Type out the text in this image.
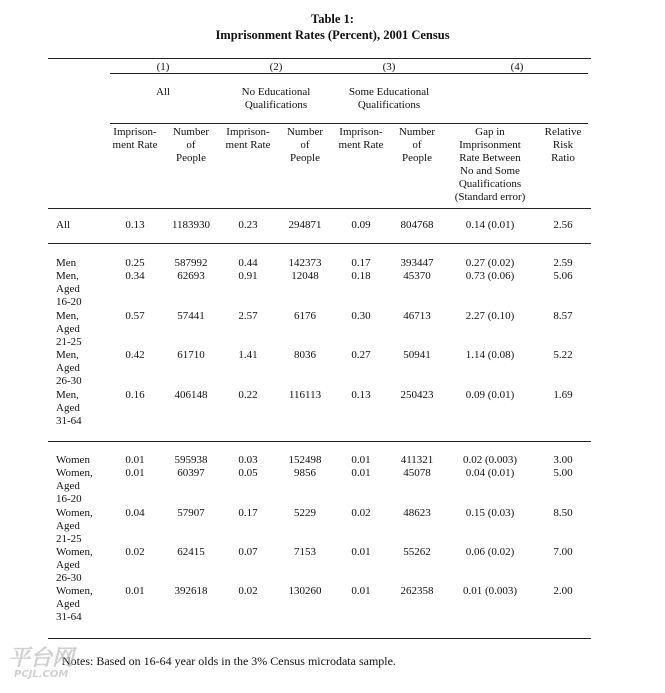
Table 1:
Imprisonment Rates (Percent), 2001 Census
(1)	(2)	(3)	(4)
All	No Educational
Qualifications
Some Educational
Qualifications
Imprison-
ment Rate
Number
of
People
Imprison-
ment Rate
Number
of
People
Imprison-
ment Rate
Number
of
People
Gap in
Imprisonment
Rate Between
No and Some
Qualifications
(Standard error)
Relative
Risk
Ratio
All	0.13	1183930	0.23	294871	0.09	804768	0.14 (0.01)	2.56
Men	0.25	587992	0.44	142373	0.17	393447	0.27 (0.02)	2.59
Men,
Aged
16-20
0.34	62693	0.91	12048	0.18	45370	0.73 (0.06)	5.06
Men,
Aged
21-25
0.57	57441	2.57	6176	0.30	46713	2.27 (0.10)	8.57
Men,
Aged
26-30
0.42	61710	1.41	8036	0.27	50941	1.14 (0.08)	5.22
Men,
Aged
31-64
0.16	406148	0.22	116113	0.13	250423	0.09 (0.01)	1.69
Women	0.01	595938	0.03	152498	0.01	411321	0.02 (0.003)	3.00
Women,
Aged
16-20
0.01	60397	0.05	9856	0.01	45078	0.04 (0.01)	5.00
Women,
Aged
21-25
0.04	57907	0.17	5229	0.02	48623	0.15 (0.03)	8.50
Women,
Aged
26-30
0.02	62415	0.07	7153	0.01	55262	0.06 (0.02)	7.00
Women,
Aged
31-64
0.01	392618	0.02	130260	0.01	262358	0.01 (0.003)	2.00
Notes: Based on 16-64 year olds in the 3% Census microdata sample.
平台网
PCJL.COM
